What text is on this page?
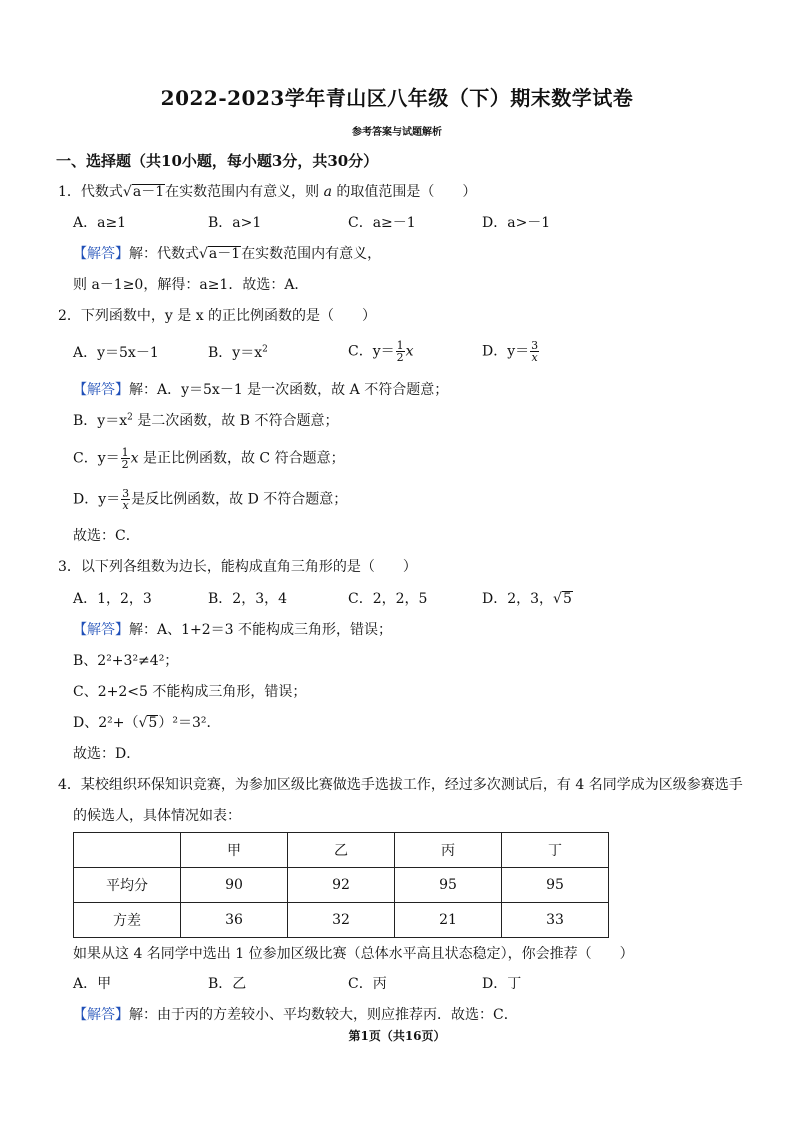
2022-2023学年青山区八年级（下）期末数学试卷
参考答案与试题解析
一、选择题（共10小题，每小题3分，共30分）
1．代数式√a－1在实数范围内有意义，则 a 的取值范围是（　　）
A．a≥1	B．a>1	C．a≥－1	D．a>－1
【解答】解：代数式√a－1在实数范围内有意义，
则 a－1≥0，解得：a≥1．故选：A．
2．下列函数中，y 是 x 的正比例函数的是（　　）
A．y＝5x－1	B．$y=x^2$	C．$y= \frac{1}{2}$ x	D．$y= \frac{3}{x}$
【解答】解：A．y＝5x－1 是一次函数，故 A 不符合题意；
B．$y=x^2$ 是二次函数，故 B 不符合题意；
C．$y= \frac{1}{2}$ x 是正比例函数，故 C 符合题意；
D．$y= \frac{3}{x}$ 是反比例函数，故 D 不符合题意；
故选：C．
3．以下列各组数为边长，能构成直角三角形的是（　　）
A．1，2，3	B．2，3，4	C．2，2，5	D．2，3，√5
【解答】解：A、1+2＝3 不能构成三角形，错误；
B、2²+3²≠4²；
C、2+2<5 不能构成三角形，错误；
D、2²+（√5）²＝3²．
故选：D．
4．某校组织环保知识竞赛，为参加区级比赛做选手选拔工作，经过多次测试后，有 4 名同学成为区级参赛选手
的候选人，具体情况如表：
	甲	乙	丙	丁
平均分	90	92	95	95
方差	36	32	21	33
如果从这 4 名同学中选出 1 位参加区级比赛（总体水平高且状态稳定），你会推荐（　　）
A．甲	B．乙	C．丙	D．丁
【解答】解：由于丙的方差较小、平均数较大，则应推荐丙．故选：C．
第1页（共16页）
